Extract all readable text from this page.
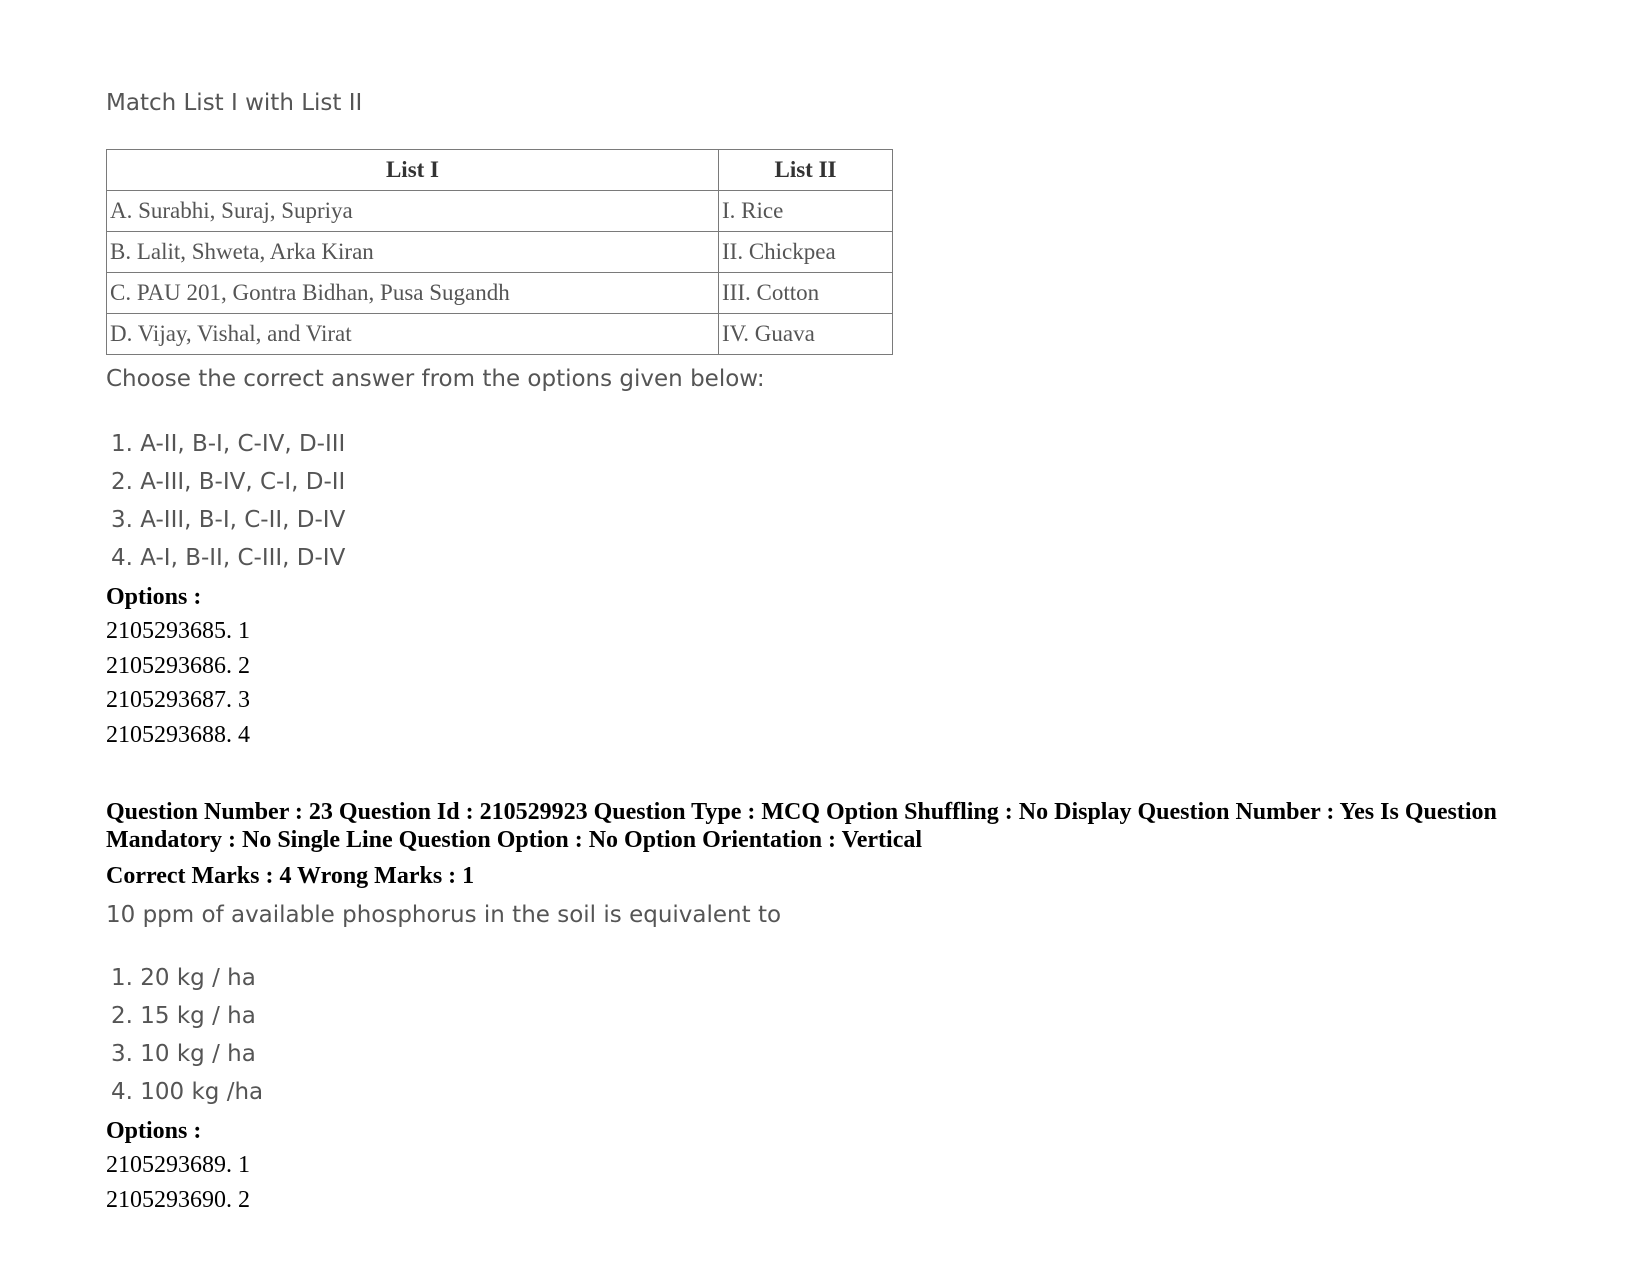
Match List I with List II
List I	List II
A. Surabhi, Suraj, Supriya	I. Rice
B. Lalit, Shweta, Arka Kiran	II. Chickpea
C. PAU 201, Gontra Bidhan, Pusa Sugandh	III. Cotton
D. Vijay, Vishal, and Virat	IV. Guava
Choose the correct answer from the options given below:
1. A-II, B-I, C-IV, D-III
2. A-III, B-IV, C-I, D-II
3. A-III, B-I, C-II, D-IV
4. A-I, B-II, C-III, D-IV
Options :
2105293685. 1
2105293686. 2
2105293687. 3
2105293688. 4
Question Number : 23 Question Id : 210529923 Question Type : MCQ Option Shuffling : No Display Question Number : Yes Is Question Mandatory : No Single Line Question Option : No Option Orientation : Vertical
Correct Marks : 4 Wrong Marks : 1
10 ppm of available phosphorus in the soil is equivalent to
1. 20 kg / ha
2. 15 kg / ha
3. 10 kg / ha
4. 100 kg /ha
Options :
2105293689. 1
2105293690. 2
